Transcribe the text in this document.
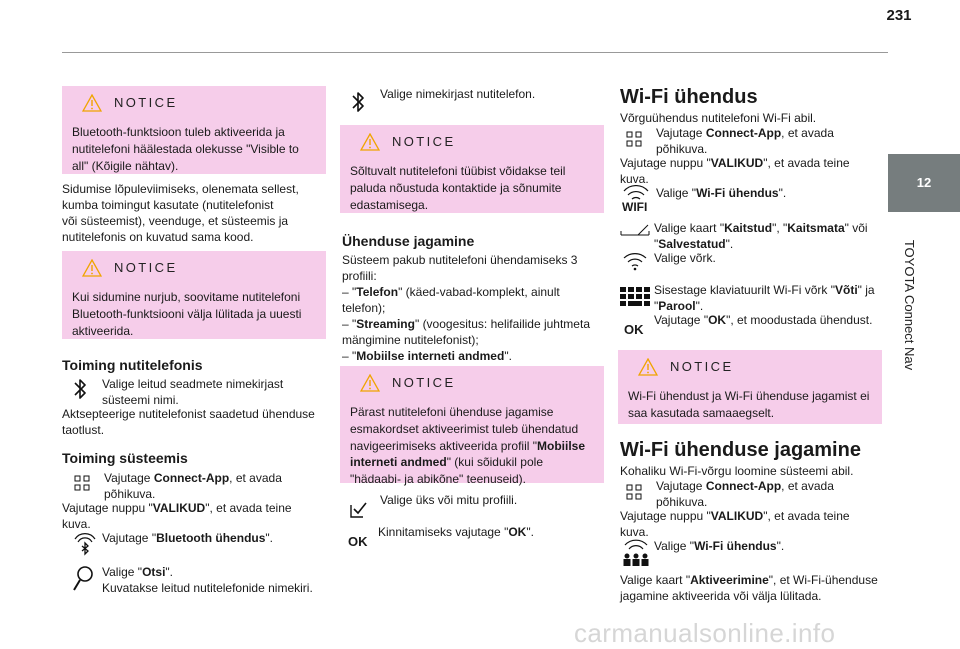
231
12
TOYOTA Connect Nav
NOTICE

Bluetooth-funktsioon tuleb aktiveerida ja

nutitelefoni häälestada olekusse "Visible to

all" (Kõigile nähtav).

Sidumise lõpuleviimiseks, olenemata sellest,

kumba toimingut kasutate (nutitelefonist

või süsteemist), veenduge, et süsteemis ja

nutitelefonis on kuvatud sama kood.

NOTICE

Kui sidumine nurjub, soovitame nutitelefoni

Bluetooth-funktsiooni välja lülitada ja uuesti

aktiveerida.

Toiming nutitelefonis

Valige leitud seadmete nimekirjast

süsteemi nimi.

Aktsepteerige nutitelefonist saadetud ühenduse

taotlust.

Toiming süsteemis

Vajutage Connect-App, et avada

põhikuva.

Vajutage nuppu "VALIKUD", et avada teine

kuva.

Vajutage "Bluetooth ühendus".

Valige "Otsi".

Kuvatakse leitud nutitelefonide nimekiri.

Valige nimekirjast nutitelefon.

NOTICE

Sõltuvalt nutitelefoni tüübist võidakse teil

paluda nõustuda kontaktide ja sõnumite

edastamisega.

Ühenduse jagamine

Süsteem pakub nutitelefoni ühendamiseks 3

profiili:

– "Telefon" (käed-vabad-komplekt, ainult

telefon);

– "Streaming" (voogesitus: helifailide juhtmeta

mängimine nutitelefonist);

– "Mobiilse interneti andmed".

NOTICE

Pärast nutitelefoni ühenduse jagamise

esmakordset aktiveerimist tuleb ühendatud

navigeerimiseks aktiveerida profiil "Mobiilse

interneti andmed" (kui sõidukil pole

"hädaabi- ja abikõne" teenuseid).

Valige üks või mitu profiili.

OK

Kinnitamiseks vajutage "OK".

Wi-Fi ühendus
Võrguühendus nutitelefoni Wi-Fi abil.

Vajutage Connect-App, et avada

põhikuva.

Vajutage nuppu "VALIKUD", et avada teine

kuva.

WIFI

Valige "Wi-Fi ühendus".

Valige kaart "Kaitstud", "Kaitsmata" või

"Salvestatud".

Valige võrk.

Sisestage klaviatuurilt Wi-Fi võrk "Võti" ja

"Parool".

OK

Vajutage "OK", et moodustada ühendust.

NOTICE

Wi-Fi ühendust ja Wi-Fi ühenduse jagamist ei

saa kasutada samaaegselt.

Wi-Fi ühenduse jagamine
Kohaliku Wi-Fi-võrgu loomine süsteemi abil.

Vajutage Connect-App, et avada

põhikuva.

Vajutage nuppu "VALIKUD", et avada teine

kuva.

Valige "Wi-Fi ühendus".

Valige kaart "Aktiveerimine", et Wi-Fi-ühenduse

jagamine aktiveerida või välja lülitada.

carmanualsonline.info
